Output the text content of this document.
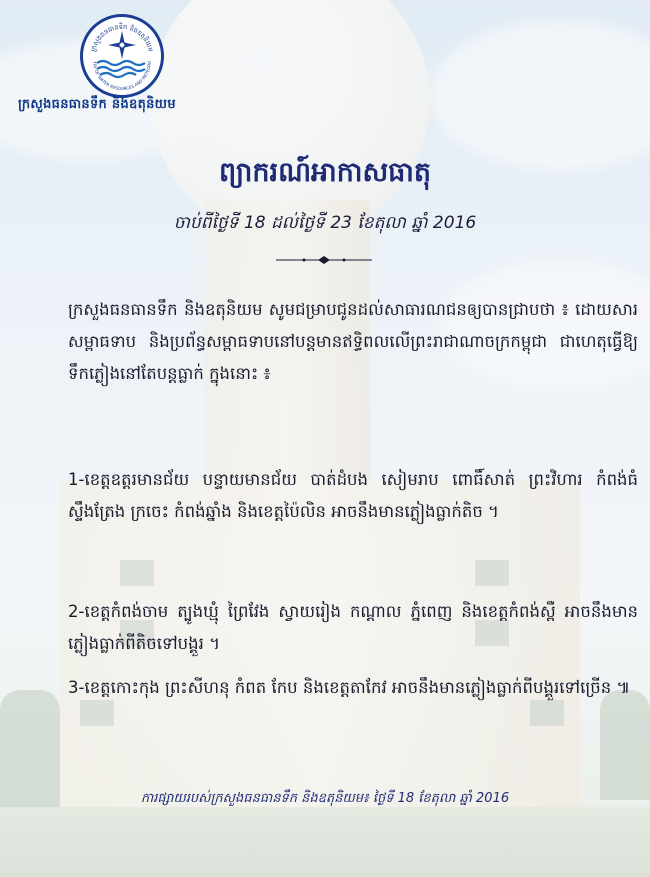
ក្រសួងធនធានទឹក និងឧតុនិយម
TRY OF WATER RESOURCES AND METEORO
ក្រសួងធនធានទឹក និងឧតុនិយម
ព្យាករណ៍អាកាសធាតុ
ចាប់ពីថ្ងៃទី 18 ដល់ថ្ងៃទី 23 ខែតុលា ឆ្នាំ 2016
ក្រសួងធនធានទឹក និងឧតុនិយម សូមជម្រាបជូនដល់សាធារណជនឲ្យបានជ្រាបថា ៖ ដោយសារសម្ពាធទាប និងប្រព័ន្ធសម្ពាធទាបនៅបន្តមានឥទ្ធិពលលើព្រះរាជាណាចក្រកម្ពុជា ជាហេតុធ្វើឱ្យទឹកភ្លៀងនៅតែបន្តធ្លាក់ ក្នុងនោះ ៖
1-ខេត្តឧត្តរមានជ័យ បន្ទាយមានជ័យ បាត់ដំបង សៀមរាប ពោធិ៍សាត់ ព្រះវិហារ កំពង់ធំ ស្ទឹងត្រែង ក្រចេះ កំពង់ឆ្នាំង និងខេត្តប៉ៃលិន អាចនឹងមានភ្លៀងធ្លាក់តិច ។
2-ខេត្តកំពង់ចាម ត្បូងឃ្មុំ ព្រៃវែង ស្វាយរៀង កណ្តាល ភ្នំពេញ និងខេត្តកំពង់ស្ពឺ អាចនឹងមានភ្លៀងធ្លាក់ពីតិចទៅបង្គួរ ។
3-ខេត្តកោះកុង ព្រះសីហនុ កំពត កែប និងខេត្តតាកែវ អាចនឹងមានភ្លៀងធ្លាក់ពីបង្គួរទៅច្រើន ៕
ការផ្សាយរបស់ក្រសួងធនធានទឹក និងឧតុនិយម៖ ថ្ងៃទី 18 ខែតុលា ឆ្នាំ 2016
